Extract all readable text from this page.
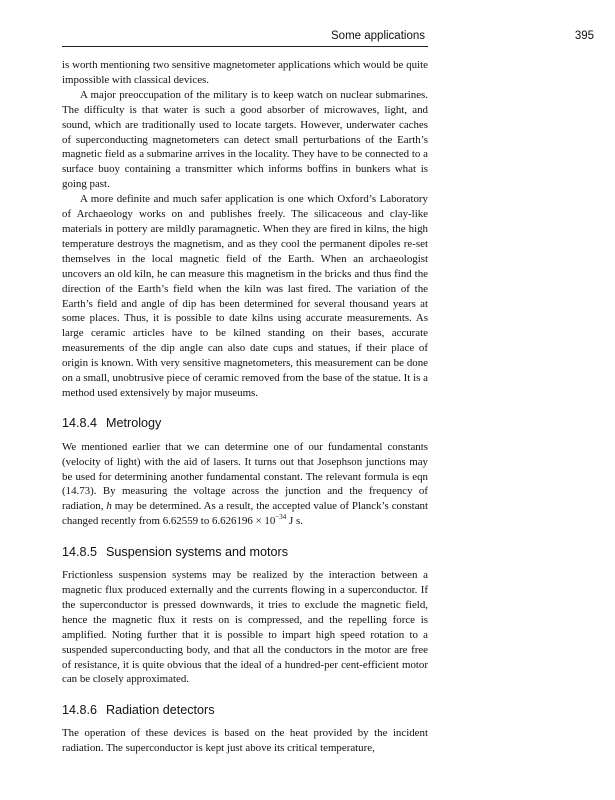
Some applications	395

is worth mentioning two sensitive magnetometer applications which would be quite impossible with classical devices.

A major preoccupation of the military is to keep watch on nuclear submarines. The difficulty is that water is such a good absorber of microwaves, light, and sound, which are traditionally used to locate targets. However, underwater caches of superconducting magnetometers can detect small perturbations of the Earth’s magnetic field as a submarine arrives in the locality. They have to be connected to a surface buoy containing a transmitter which informs boffins in bunkers what is going past.

A more definite and much safer application is one which Oxford’s Laboratory of Archaeology works on and publishes freely. The silicaceous and clay-like materials in pottery are mildly paramagnetic. When they are fired in kilns, the high temperature destroys the magnetism, and as they cool the permanent dipoles re-set themselves in the local magnetic field of the Earth. When an archaeologist uncovers an old kiln, he can measure this magnetism in the bricks and thus find the direction of the Earth’s field when the kiln was last fired. The variation of the Earth’s field and angle of dip has been determined for several thousand years at some places. Thus, it is possible to date kilns using accurate measurements. As large ceramic articles have to be kilned standing on their bases, accurate measurements of the dip angle can also date cups and statues, if their place of origin is known. With very sensitive magnetometers, this measurement can be done on a small, unobtrusive piece of ceramic removed from the base of the statue. It is a method used extensively by major museums.

14.8.4 Metrology

We mentioned earlier that we can determine one of our fundamental constants (velocity of light) with the aid of lasers. It turns out that Josephson junctions may be used for determining another fundamental constant. The relevant formula is eqn (14.73). By measuring the voltage across the junction and the frequency of radiation, h may be determined. As a result, the accepted value of Planck’s constant changed recently from 6.62559 to $6.626196 \times 10^{-34}$ J s.

14.8.5 Suspension systems and motors

Frictionless suspension systems may be realized by the interaction between a magnetic flux produced externally and the currents flowing in a superconductor. If the superconductor is pressed downwards, it tries to exclude the magnetic field, hence the magnetic flux it rests on is compressed, and the repelling force is amplified. Noting further that it is possible to impart high speed rotation to a suspended superconducting body, and that all the conductors in the motor are free of resistance, it is quite obvious that the ideal of a hundred-per cent-efficient motor can be closely approximated.

14.8.6 Radiation detectors

The operation of these devices is based on the heat provided by the incident radiation. The superconductor is kept just above its critical temperature,
